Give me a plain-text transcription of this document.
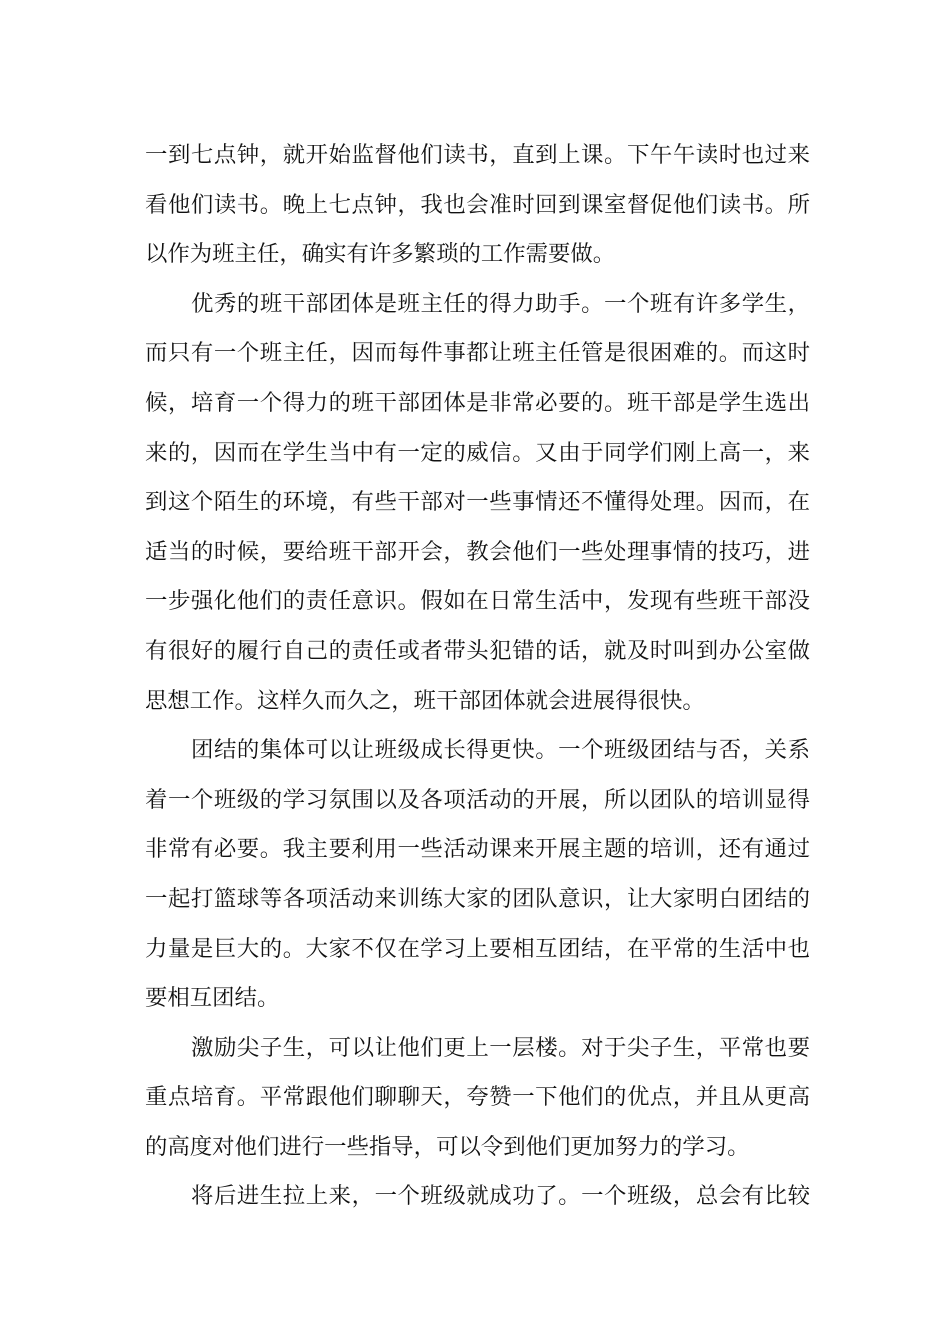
一到七点钟，就开始监督他们读书，直到上课。下午午读时也过来
看他们读书。晚上七点钟，我也会准时回到课室督促他们读书。所
以作为班主任，确实有许多繁琐的工作需要做。
优秀的班干部团体是班主任的得力助手。一个班有许多学生，
而只有一个班主任，因而每件事都让班主任管是很困难的。而这时
候，培育一个得力的班干部团体是非常必要的。班干部是学生选出
来的，因而在学生当中有一定的威信。又由于同学们刚上高一，来
到这个陌生的环境，有些干部对一些事情还不懂得处理。因而，在
适当的时候，要给班干部开会，教会他们一些处理事情的技巧，进
一步强化他们的责任意识。假如在日常生活中，发现有些班干部没
有很好的履行自己的责任或者带头犯错的话，就及时叫到办公室做
思想工作。这样久而久之，班干部团体就会进展得很快。
团结的集体可以让班级成长得更快。一个班级团结与否，关系
着一个班级的学习氛围以及各项活动的开展，所以团队的培训显得
非常有必要。我主要利用一些活动课来开展主题的培训，还有通过
一起打篮球等各项活动来训练大家的团队意识，让大家明白团结的
力量是巨大的。大家不仅在学习上要相互团结，在平常的生活中也
要相互团结。
激励尖子生，可以让他们更上一层楼。对于尖子生，平常也要
重点培育。平常跟他们聊聊天，夸赞一下他们的优点，并且从更高
的高度对他们进行一些指导，可以令到他们更加努力的学习。
将后进生拉上来，一个班级就成功了。一个班级，总会有比较
